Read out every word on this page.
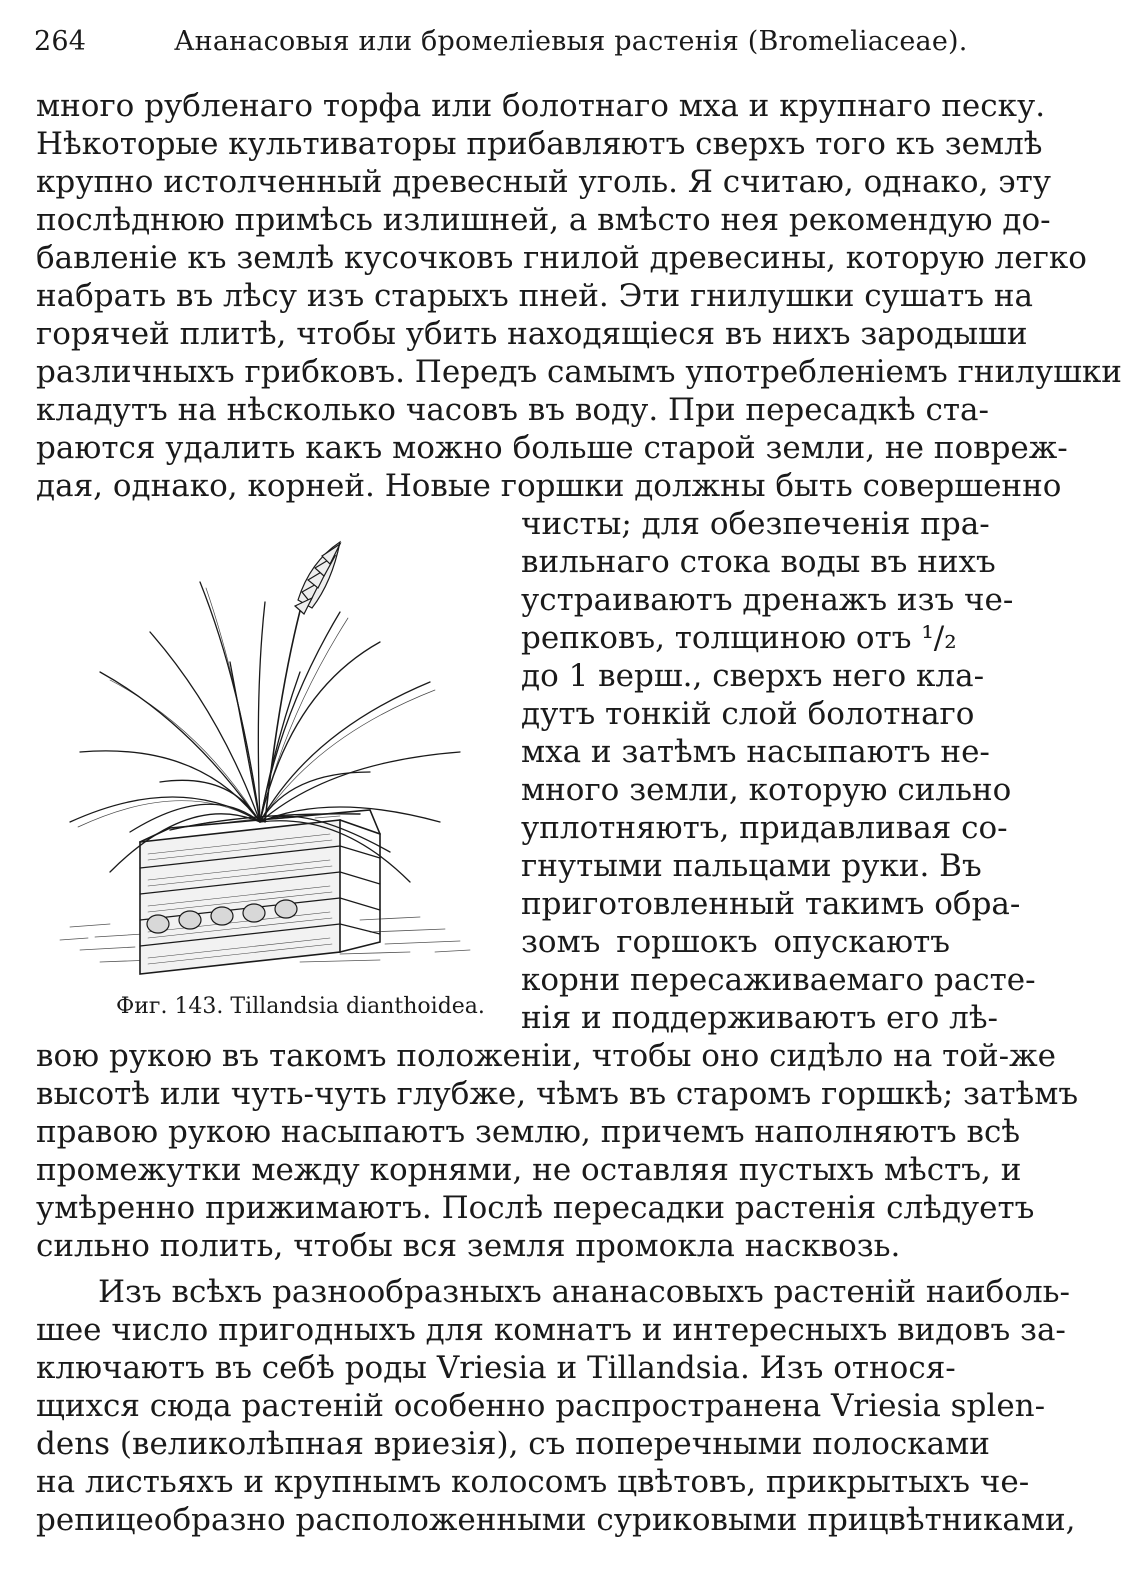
264	Ананасовыя или бромелiевыя растенiя (Bromeliaceae).
много рубленаго торфа или болотнаго мха и крупнаго песку.
Нѣкоторые культиваторы прибавляютъ сверхъ того къ землѣ
крупно истолченный древесный уголь. Я считаю, однако, эту
послѣднюю примѣсь излишней, а вмѣсто нея рекомендую до-
бавленiе къ землѣ кусочковъ гнилой древесины, которую легко
набрать въ лѣсу изъ старыхъ пней. Эти гнилушки сушатъ на
горячей плитѣ, чтобы убить находящiеся въ нихъ зародыши
различныхъ грибковъ. Передъ самымъ употребленiемъ гнилушки
кладутъ на нѣсколько часовъ въ воду. При пересадкѣ ста-
раются удалить какъ можно больше старой земли, не повреж-
дая, однако, корней. Новые горшки должны быть совершенно
Фиг. 143. Tillandsia dianthoidea.
чисты; для обезпеченiя пра-
вильнаго стока воды въ нихъ
устраиваютъ дренажъ изъ че-
репковъ, толщиною отъ ¹/₂
до 1 верш., сверхъ него кла-
дутъ тонкiй слой болотнаго
мха и затѣмъ насыпаютъ не-
много земли, которую сильно
уплотняютъ, придавливая со-
гнутыми пальцами руки. Въ
приготовленный такимъ обра-
зомъ горшокъ опускаютъ
корни пересаживаемаго расте-
нiя и поддерживаютъ его лѣ-
вою рукою въ такомъ положенiи, чтобы оно сидѣло на той-же
высотѣ или чуть-чуть глубже, чѣмъ въ старомъ горшкѣ; затѣмъ
правою рукою насыпаютъ землю, причемъ наполняютъ всѣ
промежутки между корнями, не оставляя пустыхъ мѣстъ, и
умѣренно прижимаютъ. Послѣ пересадки растенiя слѣдуетъ
сильно полить, чтобы вся земля промокла насквозь.
Изъ всѣхъ разнообразныхъ ананасовыхъ растенiй наиболь-
шее число пригодныхъ для комнатъ и интересныхъ видовъ за-
ключаютъ въ себѣ роды Vriesia и Tillandsia. Изъ относя-
щихся сюда растенiй особенно распространена Vriesia splen-
dens (великолѣпная вриезiя), съ поперечными полосками
на листьяхъ и крупнымъ колосомъ цвѣтовъ, прикрытыхъ че-
репицеобразно расположенными суриковыми прицвѣтниками,
